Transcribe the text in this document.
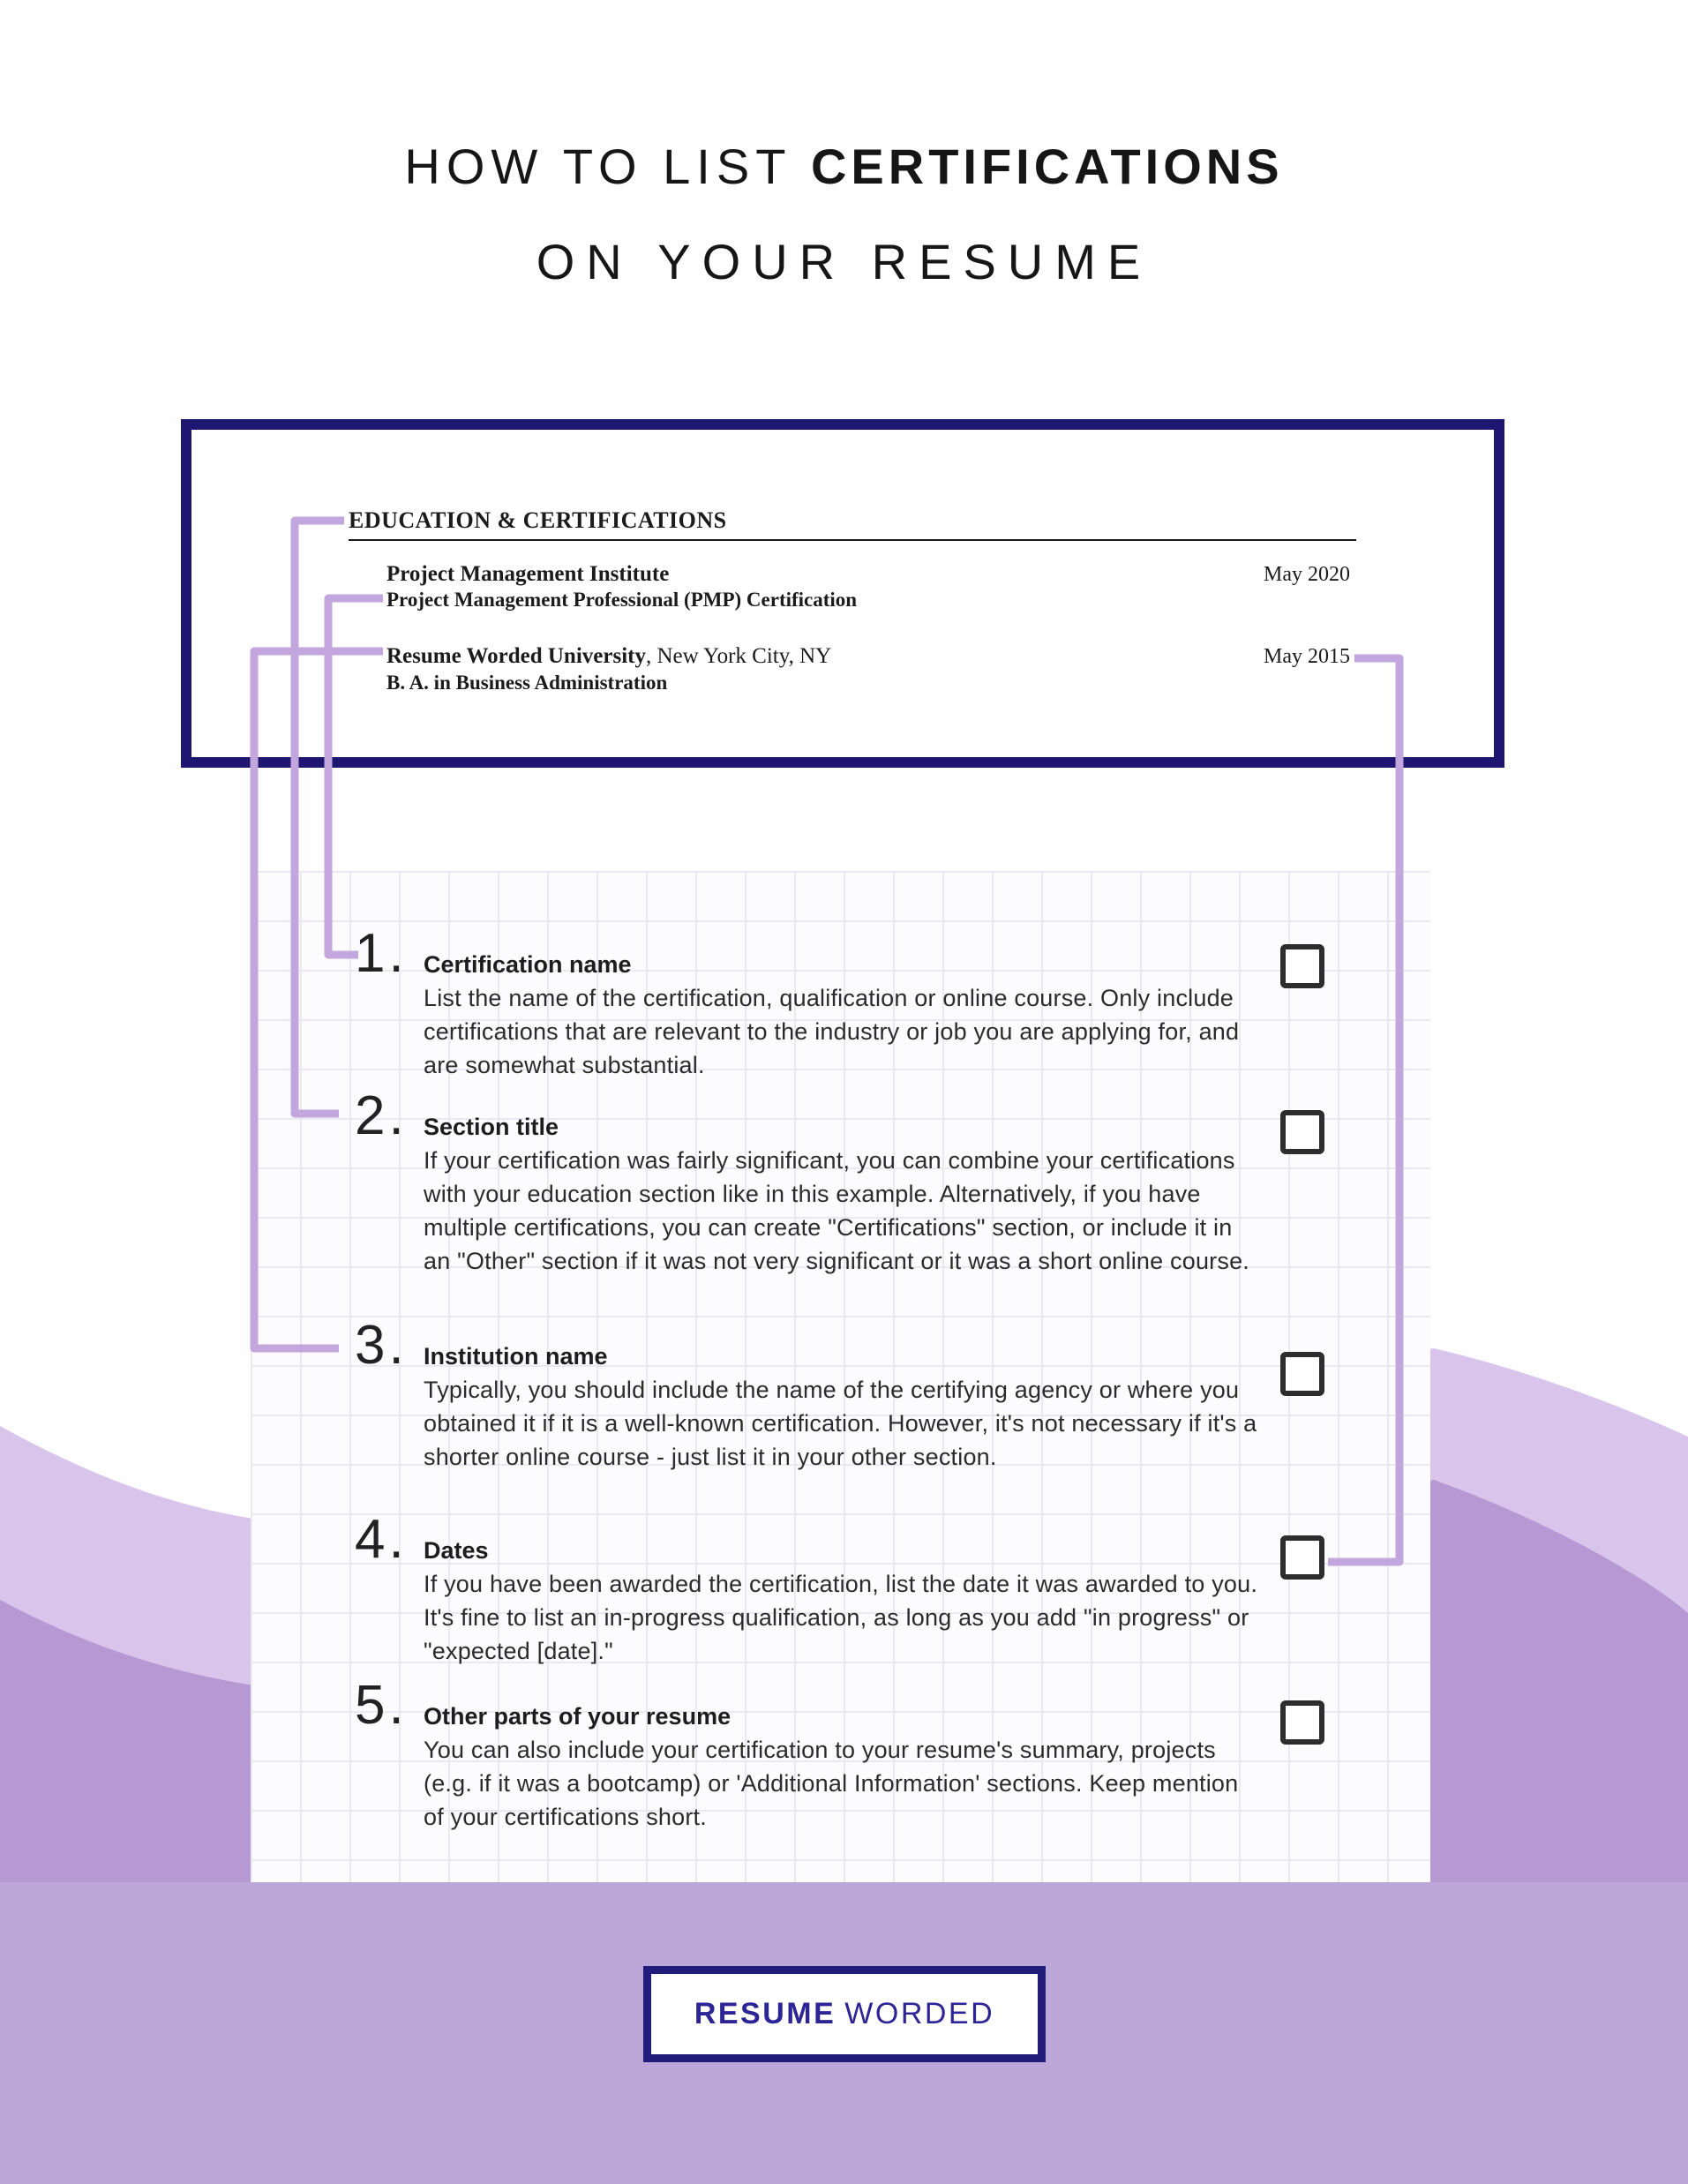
HOW TO LIST CERTIFICATIONS
ON YOUR RESUME
EDUCATION & CERTIFICATIONS
Project Management Institute
Project Management Professional (PMP) Certification
May 2020
Resume Worded University, New York City, NY
B. A. in Business Administration
May 2015
1. Certification name

List the name of the certification, qualification or online course. Only include certifications that are relevant to the industry or job you are applying for, and are somewhat substantial.

2. Section title

If your certification was fairly significant, you can combine your certifications with your education section like in this example. Alternatively, if you have multiple certifications, you can create "Certifications" section, or include it in an "Other" section if it was not very significant or it was a short online course.

3. Institution name

Typically, you should include the name of the certifying agency or where you obtained it if it is a well-known certification. However, it's not necessary if it's a shorter online course - just list it in your other section.

4. Dates

If you have been awarded the certification, list the date it was awarded to you. It's fine to list an in-progress qualification, as long as you add "in progress" or "expected [date]."

5. Other parts of your resume

You can also include your certification to your resume's summary, projects (e.g. if it was a bootcamp) or 'Additional Information' sections. Keep mention of your certifications short.

RESUME WORDED
